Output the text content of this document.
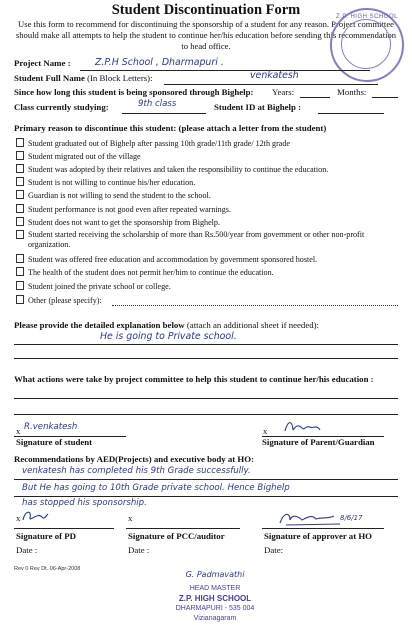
Student Discontinuation Form
Use this form to recommend for discontinuing the sponsorship of a student for any reason. Project committee should make all attempts to help the student to continue her/his education before sending this recommendation to head office.
Z.P. HIGH SCHOOL
Project Name :	Z.P.H School , Dharmapuri .
Student Full Name (In Block Letters):	venkatesh
Since how long this student is being sponsored through Bighelp: Years:	Months:
Class currently studying:	9th class	Student ID at Bighelp :
Primary reason to discontinue this student: (please attach a letter from the student)
Student graduated out of Bighelp after passing 10th grade/11th grade/ 12th grade
Student migrated out of the village
Student was adopted by their relatives and taken the responsibility to continue the education.
Student is not willing to continue his/her education.
Guardian is not willing to send the student to the school.
Student performance is not good even after repeated warnings.
Student does not want to get the sponsorship from Bighelp.
Student started receiving the scholarship of more than Rs.500/year from government or other non-profit organization.
Student was offered free education and accommodation by government sponsored hostel.
The health of the student does not permit her/him to continue the education.
Student joined the private school or college.
Other (please specify):
Please provide the detailed explanation below (attach an additional sheet if needed):
He is going to Private school.
What actions were take by project committee to help this student to continue her/his education :
x R.venkatesh
Signature of student
x
Signature of Parent/Guardian
Recommendations by AED(Projects) and executive body at HO:
venkatesh has completed his 9th Grade successfully.
But He has going to 10th Grade private school. Hence Bighelp
has stopped his sponsorship.
x
Signature of PD
Date :
x
Signature of PCC/auditor
Date :
8/6/17
Signature of approver at HO
Date:
Rev 0 Rev Dt. 06-Apr-2008
G. Padmavathi
HEAD MASTER
Z.P. HIGH SCHOOL
DHARMAPURI - 535 004
Vizianagaram
